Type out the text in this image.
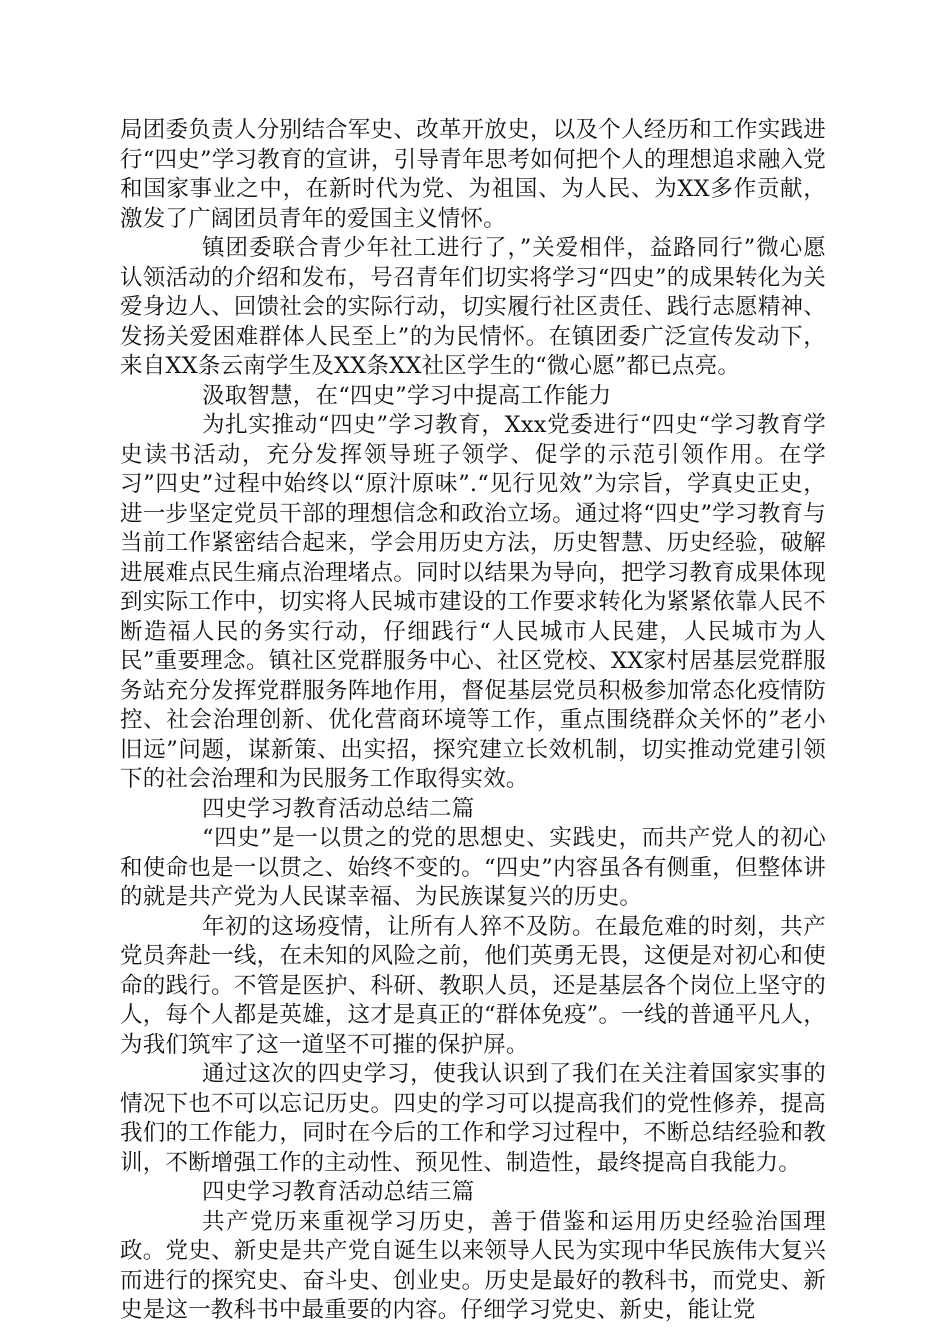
局团委负责人分别结合军史、改革开放史，以及个人经历和工作实践进行“四史”学习教育的宣讲，引导青年思考如何把个人的理想追求融入党和国家事业之中，在新时代为党、为祖国、为人民、为XX多作贡献，激发了广阔团员青年的爱国主义情怀。

镇团委联合青少年社工进行了，”关爱相伴，益路同行”微心愿认领活动的介绍和发布，号召青年们切实将学习“四史”的成果转化为关爱身边人、回馈社会的实际行动，切实履行社区责任、践行志愿精神、发扬关爱困难群体人民至上”的为民情怀。在镇团委广泛宣传发动下，来自XX条云南学生及XX条XX社区学生的“微心愿”都已点亮。

汲取智慧，在“四史”学习中提高工作能力

为扎实推动“四史”学习教育，Xxx党委进行“四史“学习教育学史读书活动，充分发挥领导班子领学、促学的示范引领作用。在学习”四史”过程中始终以“原汁原味”.“见行见效”为宗旨，学真史正史，进一步坚定党员干部的理想信念和政治立场。通过将“四史”学习教育与当前工作紧密结合起来，学会用历史方法，历史智慧、历史经验，破解进展难点民生痛点治理堵点。同时以结果为导向，把学习教育成果体现到实际工作中，切实将人民城市建设的工作要求转化为紧紧依靠人民不断造福人民的务实行动，仔细践行“人民城市人民建，人民城市为人民”重要理念。镇社区党群服务中心、社区党校、XX家村居基层党群服务站充分发挥党群服务阵地作用，督促基层党员积极参加常态化疫情防控、社会治理创新、优化营商环境等工作，重点围绕群众关怀的”老小旧远”问题，谋新策、出实招，探究建立长效机制，切实推动党建引领下的社会治理和为民服务工作取得实效。

四史学习教育活动总结二篇

“四史”是一以贯之的党的思想史、实践史，而共产党人的初心和使命也是一以贯之、始终不变的。“四史”内容虽各有侧重，但整体讲的就是共产党为人民谋幸福、为民族谋复兴的历史。

年初的这场疫情，让所有人猝不及防。在最危难的时刻，共产党员奔赴一线，在未知的风险之前，他们英勇无畏，这便是对初心和使命的践行。不管是医护、科研、教职人员，还是基层各个岗位上坚守的人，每个人都是英雄，这才是真正的“群体免疫”。一线的普通平凡人，为我们筑牢了这一道坚不可摧的保护屏。

通过这次的四史学习，使我认识到了我们在关注着国家实事的情况下也不可以忘记历史。四史的学习可以提高我们的党性修养，提高我们的工作能力，同时在今后的工作和学习过程中，不断总结经验和教训，不断增强工作的主动性、预见性、制造性，最终提高自我能力。

四史学习教育活动总结三篇

共产党历来重视学习历史，善于借鉴和运用历史经验治国理政。党史、新史是共产党自诞生以来领导人民为实现中华民族伟大复兴而进行的探究史、奋斗史、创业史。历史是最好的教科书，而党史、新史是这一教科书中最重要的内容。仔细学习党史、新史，能让党
